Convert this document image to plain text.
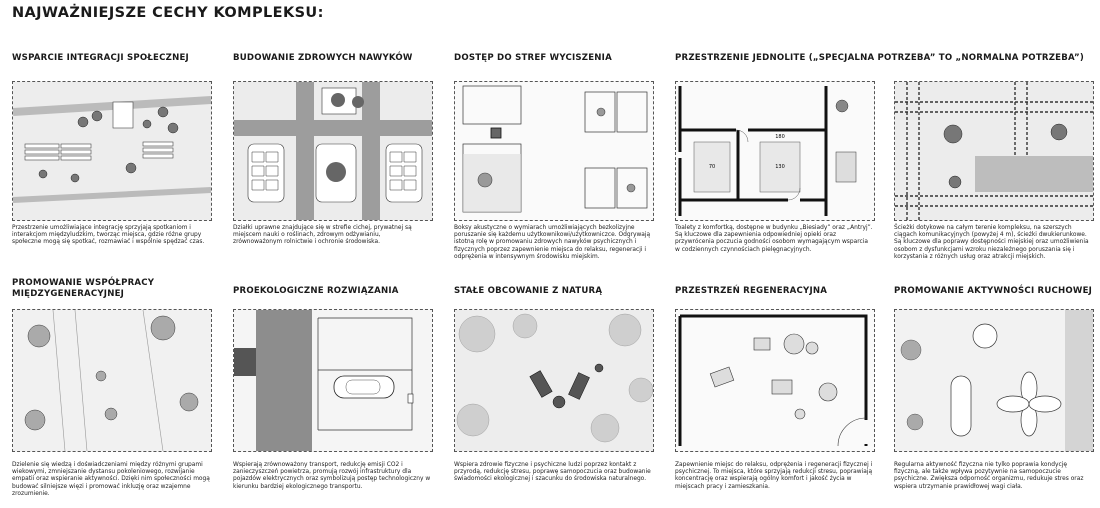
NAJWAŻNIEJSZE CECHY KOMPLEKSU:
WSPARCIE INTEGRACJI SPOŁECZNEJ

Przestrzenie umożliwiające integrację sprzyjają spotkaniom i interakcjom międzyludzkim, tworząc miejsca, gdzie różne grupy społeczne mogą się spotkać, rozmawiać i wspólnie spędzać czas.

BUDOWANIE ZDROWYCH NAWYKÓW

Działki uprawne znajdujące się w strefie cichej, prywatnej są miejscem nauki o roślinach, zdrowym odżywianiu, zrównoważonym rolnictwie i ochronie środowiska.

DOSTĘP DO STREF WYCISZENIA

Boksy akustyczne o wymiarach umożliwiających bezkolizyjne poruszanie się każdemu użytkownikowi/użytkowniczce. Odgrywają istotną rolę w promowaniu zdrowych nawyków psychicznych i fizycznych poprzez zapewnienie miejsca do relaksu, regeneracji i odprężenia w intensywnym środowisku miejskim.

PRZESTRZENIE JEDNOLITE („SPECJALNA POTRZEBA” TO „NORMALNA POTRZEBA”)
70	130
180

Toalety z komfortką, dostępne w budynku „Biesiady” oraz „Antryj”. Są kluczowe dla zapewnienia odpowiedniej opieki oraz przywrócenia poczucia godności osobom wymagającym wsparcia w codziennych czynnościach pielęgnacyjnych.

Ścieżki dotykowe na całym terenie kompleksu, na szerszych ciągach komunikacyjnych (powyżej 4 m), ścieżki dwukierunkowe. Są kluczowe dla poprawy dostępności miejskiej oraz umożliwienia osobom z dysfunkcjami wzroku niezależnego poruszania się i korzystania z różnych usług oraz atrakcji miejskich.

PROMOWANIE WSPÓŁPRACY MIĘDZYGENERACYJNEJ

Dzielenie się wiedzą i doświadczeniami między różnymi grupami wiekowymi, zmniejszanie dystansu pokoleniowego, rozwijanie empatii oraz wspieranie aktywności. Dzięki nim społeczności mogą budować silniejsze więzi i promować inkluzję oraz wzajemne zrozumienie.

PROEKOLOGICZNE ROZWIĄZANIA

Wspierają zrównoważony transport, redukcję emisji CO2 i zanieczyszczeń powietrza, promują rozwój infrastruktury dla pojazdów elektrycznych oraz symbolizują postęp technologiczny w kierunku bardziej ekologicznego transportu.

STAŁE OBCOWANIE Z NATURĄ

Wspiera zdrowie fizyczne i psychiczne ludzi poprzez kontakt z przyrodą, redukcję stresu, poprawę samopoczucia oraz budowanie świadomości ekologicznej i szacunku do środowiska naturalnego.

PRZESTRZEŃ REGENERACYJNA

Zapewnienie miejsc do relaksu, odprężenia i regeneracji fizycznej i psychicznej. To miejsca, które sprzyjają redukcji stresu, poprawiają koncentrację oraz wspierają ogólny komfort i jakość życia w miejscach pracy i zamieszkania.

PROMOWANIE AKTYWNOŚCI RUCHOWEJ

Regularna aktywność fizyczna nie tylko poprawia kondycję fizyczną, ale także wpływa pozytywnie na samopoczucie psychiczne. Zwiększa odporność organizmu, redukuje stres oraz wspiera utrzymanie prawidłowej wagi ciała.
